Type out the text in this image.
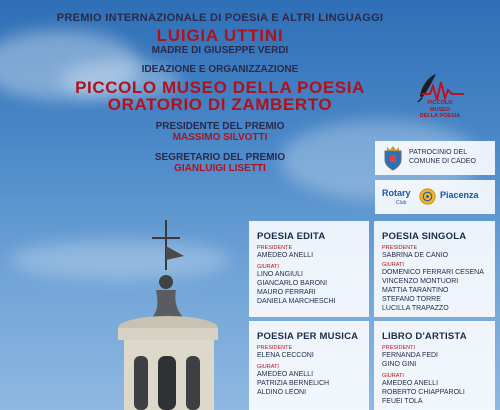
PREMIO INTERNAZIONALE DI POESIA E ALTRI LINGUAGGI
LUIGIA UTTINI
MADRE DI GIUSEPPE VERDI
IDEAZIONE E ORGANIZZAZIONE
PICCOLO MUSEO DELLA POESIA
ORATORIO DI ZAMBERTO
PRESIDENTE DEL PREMIO
MASSIMO SILVOTTI
SEGRETARIO DEL PREMIO
GIANLUIGI LISETTI
PICCOLO
MUSEO
DELLA POESIA
PATROCINIO DEL
COMUNE DI CADEO
Rotary
Club
Piacenza
POESIA EDITA
PRESIDENTE
AMEDEO ANELLI
GIURATI
LINO ANGIULI
GIANCARLO BARONI
MAURO FERRARI
DANIELA MARCHESCHI
POESIA SINGOLA
PRESIDENTE
SABRINA DE CANIO
GIURATI
DOMENICO FERRARI CESENA
VINCENZO MONTUORI
MATTIA TARANTINO
STEFANO TORRE
LUCILLA TRAPAZZO
POESIA PER MUSICA
PRESIDENTE
ELENA CECCONI
GIURATI
AMEDEO ANELLI
PATRIZIA BERNELICH
ALDINO LEONI
LIBRO D'ARTISTA
PRESIDENTI
FERNANDA FEDI
GINO GINI
GIURATI
AMEDEO ANELLI
ROBERTO CHIAPPAROLI
FEUEI TOLA
